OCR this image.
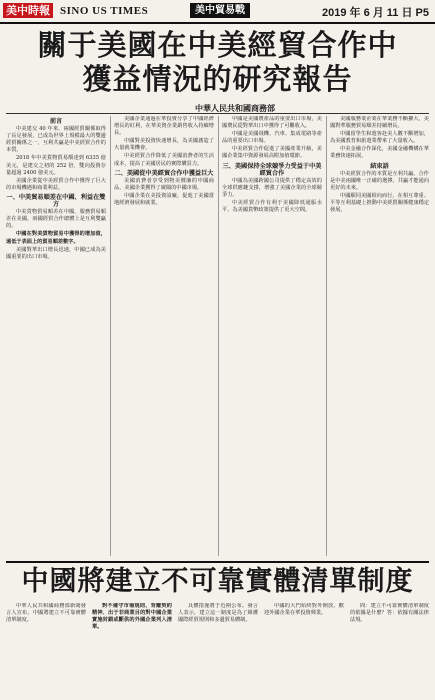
美中時報 SINO US TIMES	美中貿易戰	2019 年 6 月 11 日 P5
關于美國在中美經貿合作中
獲益情況的研究報告
中華人民共和國商務部
前言

中美建交 40 年來，兩國經貿關係取得了長足發展，已成為世界上規模最大的雙邊經貿關係之一，互利共贏是中美經貿合作的本質。

2018 年中美貨物貿易額達到 6335 億美元，是建交之初的 252 倍，雙向投資存量超過 2400 億美元。

美國企業從中美經貿合作中獲得了巨大的市場機遇和商業利益。

一、中美貿易順差在中國、利益在雙方

中美貨物貿易順差在中國，服務貿易順差在美國，兩國經貿合作總體上是互利雙贏的。

中國在對美貨物貿易中獲得的增加值，遠低于表面上的貿易順差數字。

美國對華出口增長迅速，中國已成為美國重要的出口市場。

美國企業通過在華投資分享了中國經濟增長的紅利，在華美資企業銷售收入持續增長。

中國對美投資快速增長，為美國創造了大量就業機會。

中美經貿合作降低了美國消費者的生活成本，提高了美國居民的實際購買力。

二、美國從中美經貿合作中獲益巨大

美國消費者享受到物美價廉的中國商品，美國企業獲得了廣闊的中國市場。

中國企業在美投資設廠，促進了美國當地經濟發展和就業。

中國是美國農產品的重要出口市場，美國農民從對華出口中獲得了可觀收入。

中國是美國飛機、汽車、集成電路等產品的重要出口市場。

中美經貿合作促進了美國產業升級，美國企業集中資源發展高附加值環節。

三、美國保持全球競爭力受益于中美經貿合作

中國為美國跨國公司提供了穩定高效的全球供應鏈支撐，增強了美國企業的全球競爭力。

中美經貿合作有利于美國降低通脹水平，為美國貨幣政策提供了更大空間。

美國服務業企業在華業務不斷擴大，美國對華服務貿易順差持續增長。

中國留學生和遊客赴美人數不斷增加，為美國教育和旅遊業帶來了大量收入。

中美金融合作深化，美國金融機構在華業務快速拓展。

結束語

中美經貿合作的本質是互利共贏。合作是中美兩國唯一正確的選擇，共贏才能通向更好的未來。

中國願同美國相向而行，在相互尊重、平等互利基礎上推動中美經貿關係健康穩定發展。

中國將建立不可靠實體清單制度

中華人民共和國商務部新聞發言人宣布，中國將建立不可靠實體清單制度。

對不遵守市場規則、背離契約精神、出于非商業目的對中國企業實施封鎖或斷供的外國企業列入清單。

具體措施將于近期公布。發言人表示，建立這一制度是為了維護國際經貿規則和多邊貿易體制。

中國的大門始終對外開放，歡迎外國企業在華投資興業。

問：建立不可靠實體清單制度的依據是什麼？答：依據有關法律法規。
